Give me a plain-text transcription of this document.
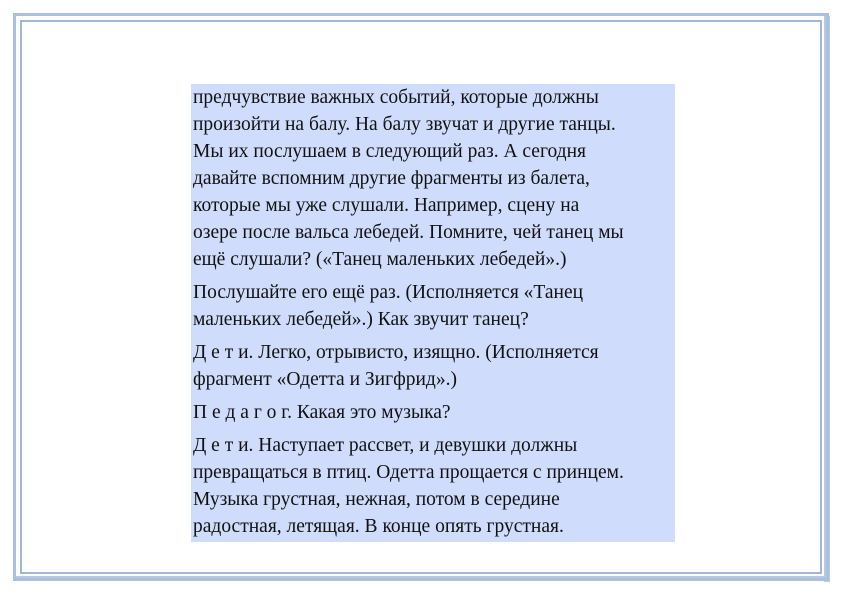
предчувствие важных событий, которые должны
произойти на балу. На балу звучат и другие танцы.
Мы их послушаем в следующий раз. А сегодня
давайте вспомним другие фрагменты из балета,
которые мы уже слушали. Например, сцену на
озере после вальса лебедей. Помните, чей танец мы
ещё слушали? («Танец маленьких лебедей».)

Послушайте его ещё раз. (Исполняется «Танец
маленьких лебедей».) Как звучит танец?

Д е т и. Легко, отрывисто, изящно. (Исполняется
фрагмент «Одетта и Зигфрид».)

П е д а г о г. Какая это музыка?

Д е т и. Наступает рассвет, и девушки должны
превращаться в птиц. Одетта прощается с принцем.
Музыка грустная, нежная, потом в середине
радостная, летящая. В конце опять грустная.
